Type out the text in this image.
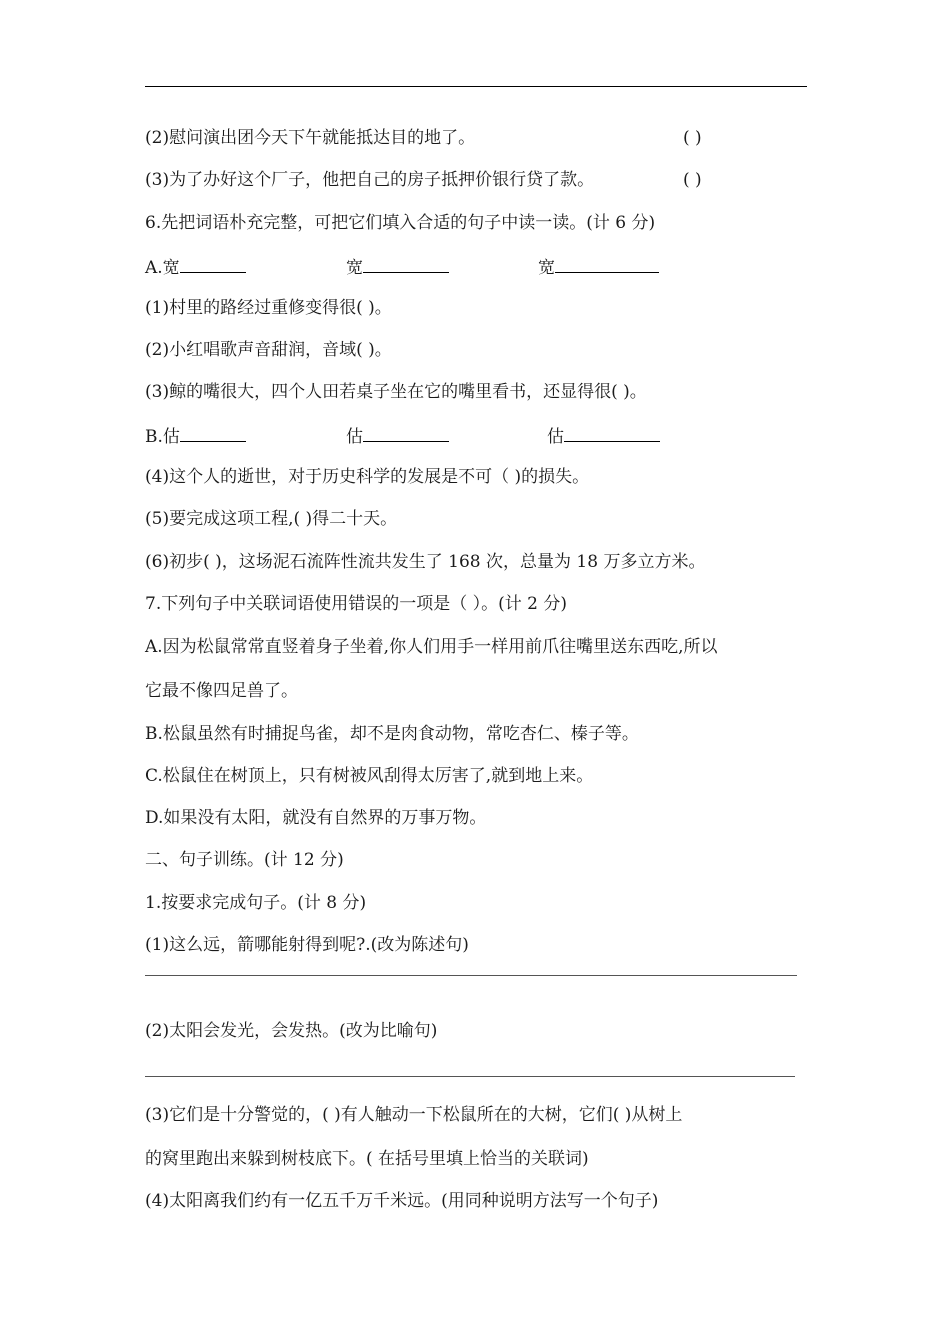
(2)慰问演出团今天下午就能抵达目的地了。	( )
(3)为了办好这个厂子，他把自己的房子抵押价银行贷了款。	( )
6.先把词语朴充完整，可把它们填入合适的句子中读一读。(计 6 分)
A.宽	宽	宽
(1)村里的路经过重修变得很( )。
(2)小红唱歌声音甜润，音域( )。
(3)鲸的嘴很大，四个人田若桌子坐在它的嘴里看书，还显得很( )。
B.估	估	估
(4)这个人的逝世，对于历史科学的发展是不可（ )的损失。
(5)要完成这项工程,( )得二十天。
(6)初步( )，这场泥石流阵性流共发生了 168 次，总量为 18 万多立方米。
7.下列句子中关联词语使用错误的一项是（ ）。(计 2 分)
A.因为松鼠常常直竖着身子坐着,你人们用手一样用前爪往嘴里送东西吃,所以
它最不像四足兽了。
B.松鼠虽然有时捕捉鸟雀，却不是肉食动物，常吃杏仁、榛子等。
C.松鼠住在树顶上，只有树被风刮得太厉害了,就到地上来。
D.如果没有太阳，就没有自然界的万事万物。
二、句子训练。(计 12 分)
1.按要求完成句子。(计 8 分)
(1)这么远，箭哪能射得到呢?.(改为陈述句)
(2)太阳会发光，会发热。(改为比喻句)
(3)它们是十分警觉的，( )有人触动一下松鼠所在的大树，它们( )从树上
的窝里跑出来躲到树枝底下。( 在括号里填上恰当的关联词)
(4)太阳离我们约有一亿五千万千米远。(用同种说明方法写一个句子)
